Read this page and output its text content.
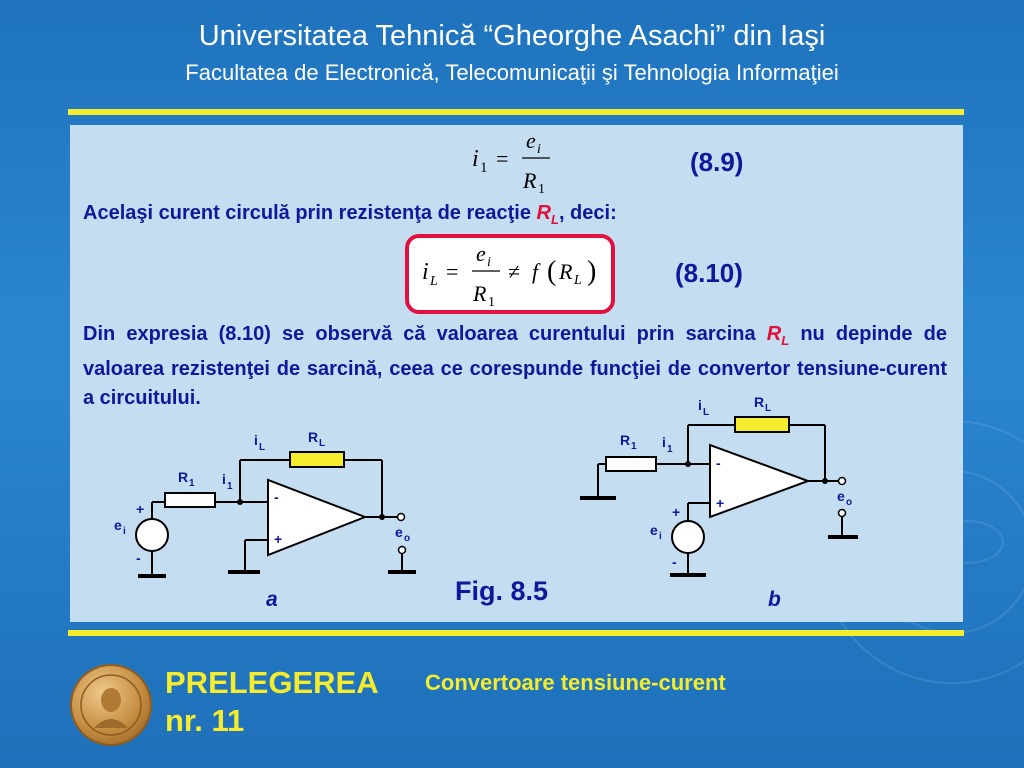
Universitatea Tehnică “Gheorghe Asachi” din Iaşi
Facultatea de Electronică, Telecomunicaţii şi Tehnologia Informaţiei
i 1 =
e i
R 1
(8.9)
Acelaşi curent circulă prin rezistenţa de reacţie $R_L$, deci:
i L =
e i
R 1
≠ f ( R L )	(8.10)
Din expresia (8.10) se observă că valoarea curentului prin sarcina $R_L$ nu depinde de valoarea rezistenţei de sarcină, ceea ce corespunde funcţiei de convertor tensiune-curent a circuitului.
i L
R L
R 1 i 1
-
+
+
-
e i	e o
i L
R L
R 1 i 1
-
+
+
-
e i
e o
Fig. 8.5
a	b
PRELEGEREA
nr. 11
Convertoare tensiune-curent
